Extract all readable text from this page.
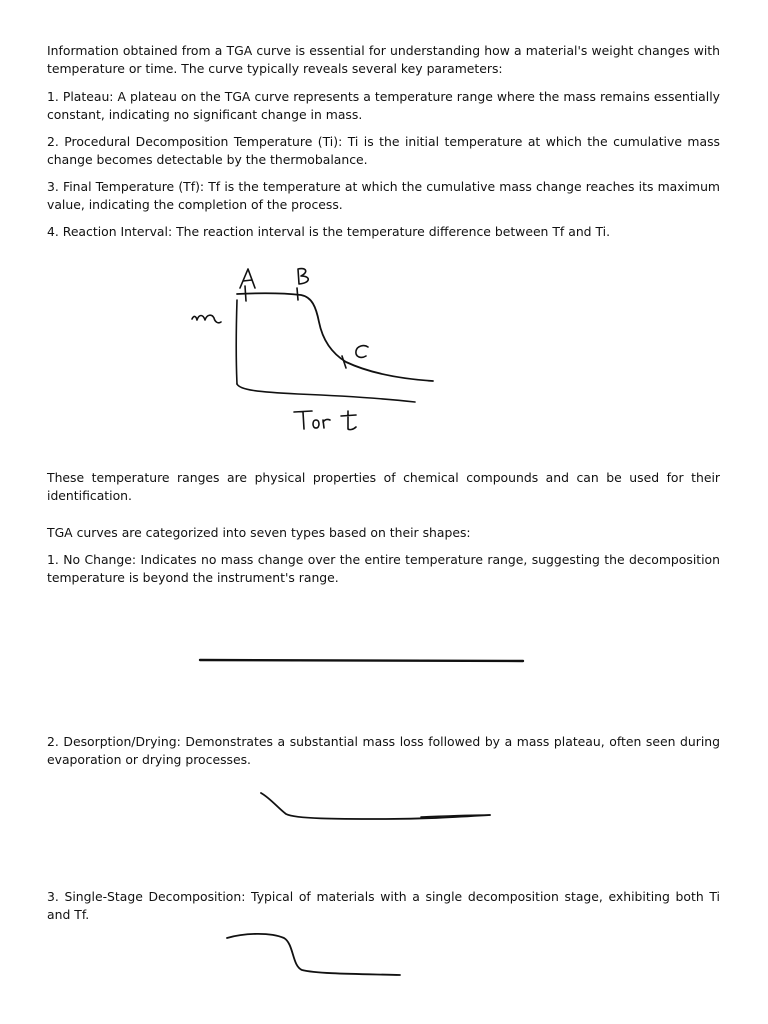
Information obtained from a TGA curve is essential for understanding how a material's weight changes with temperature or time. The curve typically reveals several key parameters:

1. Plateau: A plateau on the TGA curve represents a temperature range where the mass remains essentially constant, indicating no significant change in mass.

2. Procedural Decomposition Temperature (Ti): Ti is the initial temperature at which the cumulative mass change becomes detectable by the thermobalance.

3. Final Temperature (Tf): Tf is the temperature at which the cumulative mass change reaches its maximum value, indicating the completion of the process.

4. Reaction Interval: The reaction interval is the temperature difference between Tf and Ti.

m
T or t
A	B
C

These temperature ranges are physical properties of chemical compounds and can be used for their identification.

TGA curves are categorized into seven types based on their shapes:

1. No Change: Indicates no mass change over the entire temperature range, suggesting the decomposition temperature is beyond the instrument's range.

2. Desorption/Drying: Demonstrates a substantial mass loss followed by a mass plateau, often seen during evaporation or drying processes.

3. Single-Stage Decomposition: Typical of materials with a single decomposition stage, exhibiting both Ti and Tf.
